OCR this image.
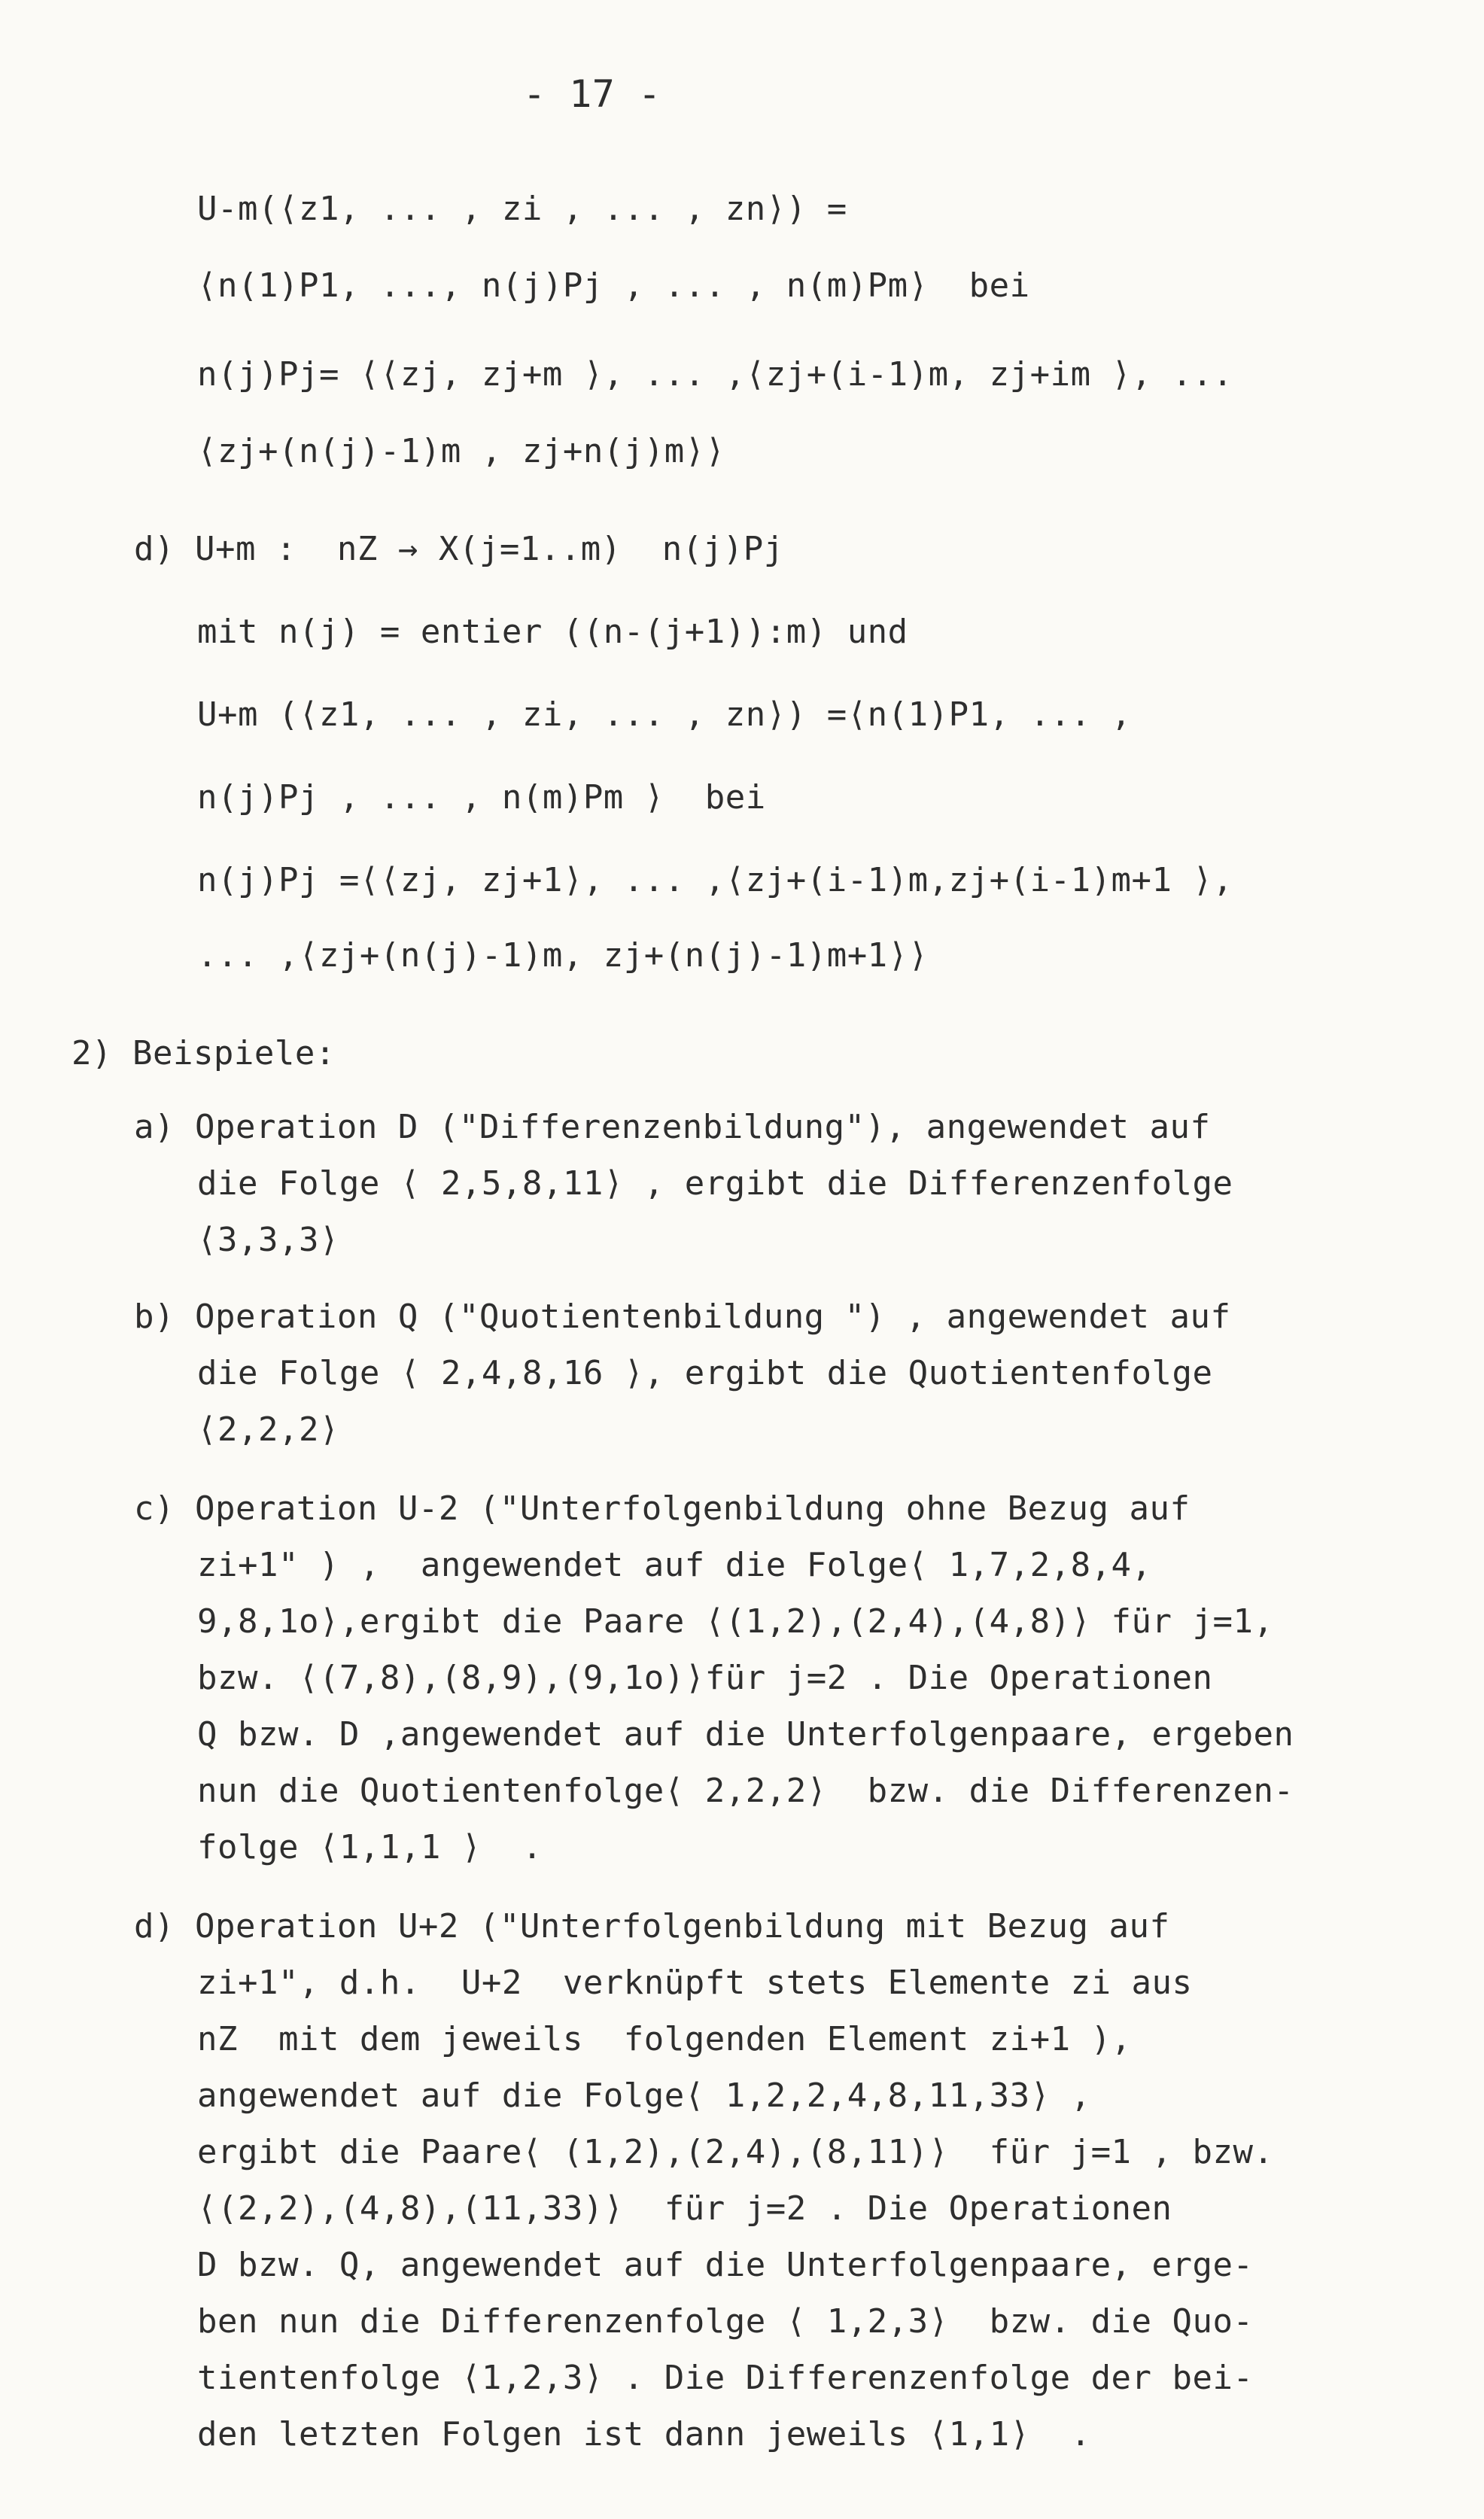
- 17 -
U-m(⟨z1, ... , zi , ... , zn⟩) =
⟨n(1)P1, ..., n(j)Pj , ... , n(m)Pm⟩  bei
n(j)Pj= ⟨⟨zj, zj+m ⟩, ... ,⟨zj+(i-1)m, zj+im ⟩, ...
⟨zj+(n(j)-1)m , zj+n(j)m⟩⟩
d) U+m :  nZ → X(j=1..m)  n(j)Pj
mit n(j) = entier ((n-(j+1)):m) und
U+m (⟨z1, ... , zi, ... , zn⟩) =⟨n(1)P1, ... ,
n(j)Pj , ... , n(m)Pm ⟩  bei
n(j)Pj =⟨⟨zj, zj+1⟩, ... ,⟨zj+(i-1)m,zj+(i-1)m+1 ⟩,
... ,⟨zj+(n(j)-1)m, zj+(n(j)-1)m+1⟩⟩
2) Beispiele:
a) Operation D ("Differenzenbildung"), angewendet auf
die Folge ⟨ 2,5,8,11⟩ , ergibt die Differenzenfolge
⟨3,3,3⟩
b) Operation Q ("Quotientenbildung ") , angewendet auf
die Folge ⟨ 2,4,8,16 ⟩, ergibt die Quotientenfolge
⟨2,2,2⟩
c) Operation U-2 ("Unterfolgenbildung ohne Bezug auf
zi+1" ) ,  angewendet auf die Folge⟨ 1,7,2,8,4,
9,8,1o⟩,ergibt die Paare ⟨(1,2),(2,4),(4,8)⟩ für j=1,
bzw. ⟨(7,8),(8,9),(9,1o)⟩für j=2 . Die Operationen
Q bzw. D ,angewendet auf die Unterfolgenpaare, ergeben
nun die Quotientenfolge⟨ 2,2,2⟩  bzw. die Differenzen-
folge ⟨1,1,1 ⟩  .
d) Operation U+2 ("Unterfolgenbildung mit Bezug auf
zi+1", d.h.  U+2  verknüpft stets Elemente zi aus
nZ  mit dem jeweils  folgenden Element zi+1 ),
angewendet auf die Folge⟨ 1,2,2,4,8,11,33⟩ ,
ergibt die Paare⟨ (1,2),(2,4),(8,11)⟩  für j=1 , bzw.
⟨(2,2),(4,8),(11,33)⟩  für j=2 . Die Operationen
D bzw. Q, angewendet auf die Unterfolgenpaare, erge-
ben nun die Differenzenfolge ⟨ 1,2,3⟩  bzw. die Quo-
tientenfolge ⟨1,2,3⟩ . Die Differenzenfolge der bei-
den letzten Folgen ist dann jeweils ⟨1,1⟩  .
